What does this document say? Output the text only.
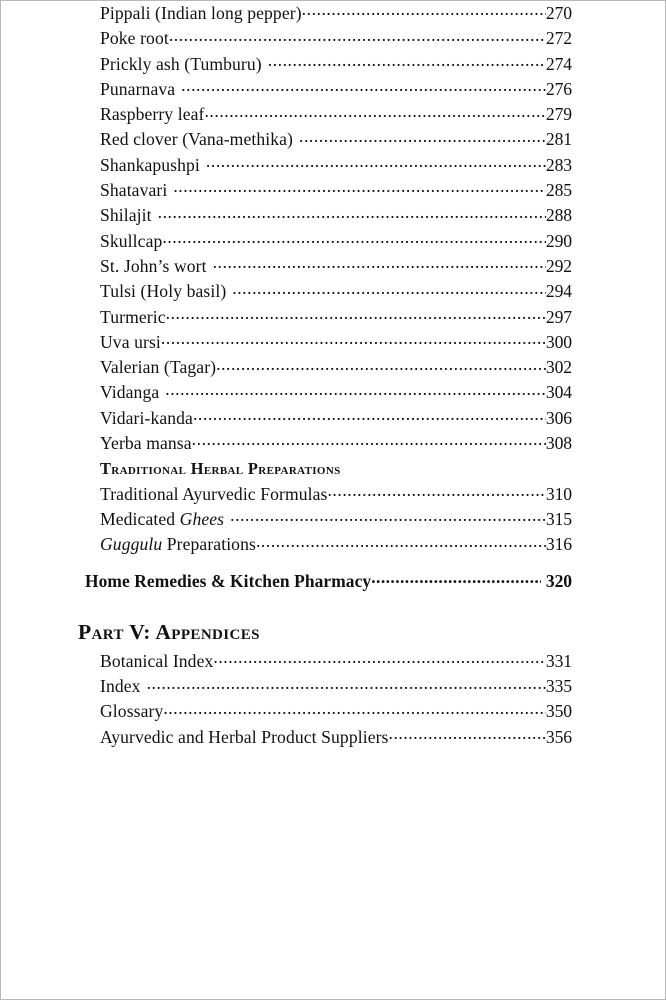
Pippali (Indian long pepper) .....	270
Poke root .....	272
Prickly ash (Tumburu) .....	274
Punarnava .....	276
Raspberry leaf .....	279
Red clover (Vana-methika) .....	281
Shankapushpi .....	283
Shatavari .....	285
Shilajit .....	288
Skullcap .....	290
St. John’s wort .....	292
Tulsi (Holy basil) .....	294
Turmeric .....	297
Uva ursi .....	300
Valerian (Tagar) .....	302
Vidanga .....	304
Vidari-kanda .....	306
Yerba mansa .....	308
Traditional Herbal Preparations
Traditional Ayurvedic Formulas .....	310
Medicated Ghees .....	315
Guggulu Preparations .....	316
Home Remedies & Kitchen Pharmacy .....	320
Part V: Appendices
Botanical Index .....	331
Index .....	335
Glossary .....	350
Ayurvedic and Herbal Product Suppliers .....	356
